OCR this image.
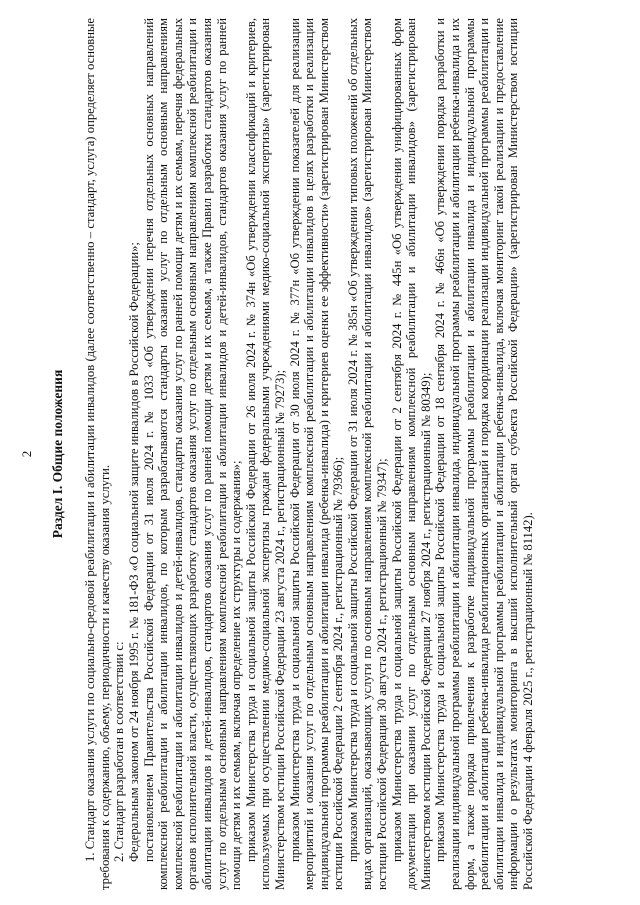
2 Раздел I. Общие положения 1. Стандарт оказания услуги по социально-средовой реабилитации и абилитации инвалидов (далее соответственно – стандарт, услуга) определяет основные требования к содержанию, объему, периодичности и качеству оказания услуги. 2. Стандарт разработан в соответствии с: Федеральным законом от 24 ноября 1995 г. № 181-ФЗ «О социальной защите инвалидов в Российской Федерации»; постановлением Правительства Российской Федерации от 31 июля 2024 г. № 1033 «Об утверждении перечня отдельных основных направлений комплексной реабилитации и абилитации инвалидов, по которым разрабатываются стандарты оказания услуг по отдельным основным направлениям комплексной реабилитации и абилитации инвалидов и детей-инвалидов, стандарты оказания услуг по ранней помощи детям и их семьям, перечня федеральных органов исполнительной власти, осуществляющих разработку стандартов оказания услуг по отдельным основным направлениям комплексной реабилитации и абилитации инвалидов и детей-инвалидов, стандартов оказания услуг по ранней помощи детям и их семьям, а также Правил разработки стандартов оказания услуг по отдельным основным направлениям комплексной реабилитации и абилитации инвалидов и детей-инвалидов, стандартов оказания услуг по ранней помощи детям и их семьям, включая определение их структуры и содержания»; приказом Министерства труда и социальной защиты Российской Федерации от 26 июля 2024 г. № 374н «Об утверждении классификаций и критериев, используемых при осуществлении медико-социальной экспертизы граждан федеральными учреждениями медико-социальной экспертизы» (зарегистрирован Министерством юстиции Российской Федерации 23 августа 2024 г., регистрационный № 79273); приказом Министерства труда и социальной защиты Российской Федерации от 30 июля 2024 г. № 377н «Об утверждении показателей для реализации мероприятий и оказания услуг по отдельным основным направлениям комплексной реабилитации и абилитации инвалидов в целях разработки и реализации индивидуальной программы реабилитации и абилитации инвалида (ребенка-инвалида) и критериев оценки ее эффективности» (зарегистрирован Министерством юстиции Российской Федерации 2 сентября 2024 г., регистрационный № 79366); приказом Министерства труда и социальной защиты Российской Федерации от 31 июля 2024 г. № 385н «Об утверждении типовых положений об отдельных видах организаций, оказывающих услуги по основным направлениям комплексной реабилитации и абилитации инвалидов» (зарегистрирован Министерством юстиции Российской Федерации 30 августа 2024 г., регистрационный № 79347); приказом Министерства труда и социальной защиты Российской Федерации от 2 сентября 2024 г. № 445н «Об утверждении унифицированных форм документации при оказании услуг по отдельным основным направлениям комплексной реабилитации и абилитации инвалидов» (зарегистрирован Министерством юстиции Российской Федерации 27 ноября 2024 г., регистрационный № 80349); приказом Министерства труда и социальной защиты Российской Федерации от 18 сентября 2024 г. № 466н «Об утверждении порядка разработки и реализации индивидуальной программы реабилитации и абилитации инвалида, индивидуальной программы реабилитации и абилитации ребенка-инвалида и их форм, а также порядка привлечения к разработке индивидуальной программы реабилитации и абилитации инвалида и индивидуальной программы реабилитации и абилитации ребенка-инвалида реабилитационных организаций и порядка координации реализации индивидуальной программы реабилитации и абилитации инвалида и индивидуальной программы реабилитации и абилитации ребенка-инвалида, включая мониторинг такой реализации и предоставление информации о результатах мониторинга в высший исполнительный орган субъекта Российской Федерации» (зарегистрирован Министерством юстиции Российской Федерации 4 февраля 2025 г., регистрационный № 81142).
